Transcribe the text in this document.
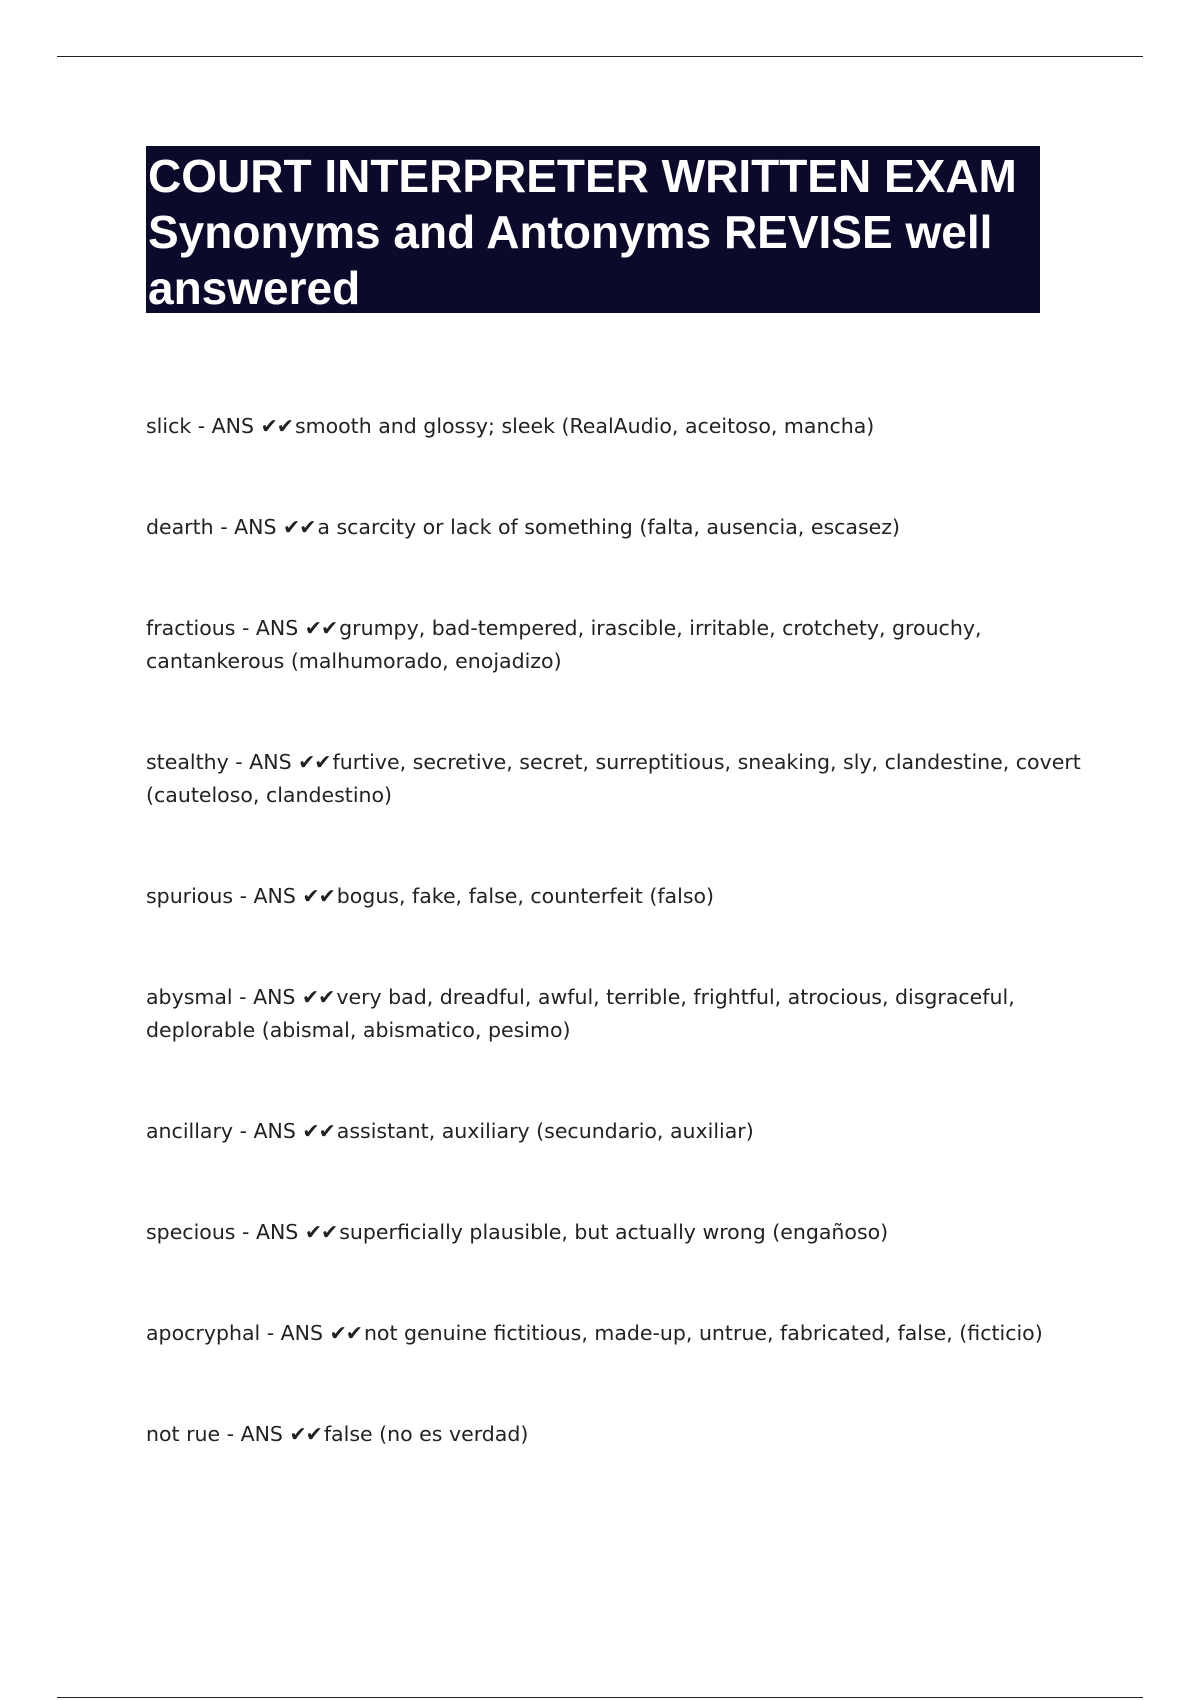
COURT INTERPRETER WRITTEN EXAM Synonyms and Antonyms REVISE well answered
slick - ANS ✔✔smooth and glossy; sleek (RealAudio, aceitoso, mancha)
dearth - ANS ✔✔a scarcity or lack of something (falta, ausencia, escasez)
fractious - ANS ✔✔grumpy, bad-tempered, irascible, irritable, crotchety, grouchy, cantankerous (malhumorado, enojadizo)
stealthy - ANS ✔✔furtive, secretive, secret, surreptitious, sneaking, sly, clandestine, covert (cauteloso, clandestino)
spurious - ANS ✔✔bogus, fake, false, counterfeit (falso)
abysmal - ANS ✔✔very bad, dreadful, awful, terrible, frightful, atrocious, disgraceful, deplorable (abismal, abismatico, pesimo)
ancillary - ANS ✔✔assistant, auxiliary (secundario, auxiliar)
specious - ANS ✔✔superficially plausible, but actually wrong (engañoso)
apocryphal - ANS ✔✔not genuine fictitious, made-up, untrue, fabricated, false, (ficticio)
not rue - ANS ✔✔false (no es verdad)
